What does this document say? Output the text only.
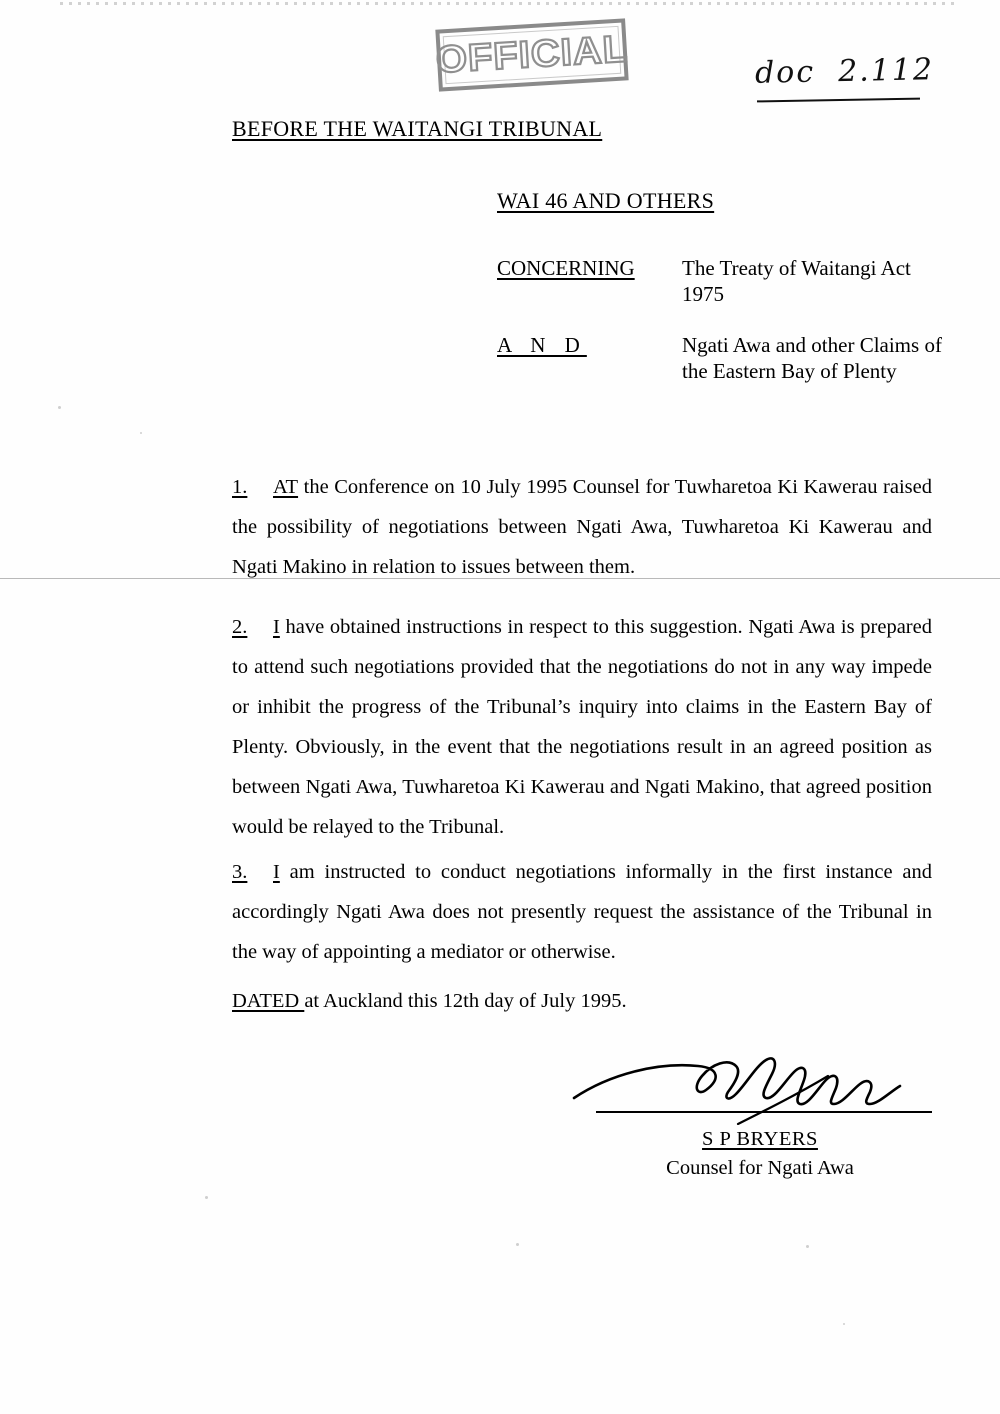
OFFICIAL	doc  2.112
BEFORE THE WAITANGI TRIBUNAL
WAI 46 AND OTHERS
CONCERNING	The Treaty of Waitangi Act 1975
A N D	Ngati Awa and other Claims of the Eastern Bay of Plenty
1.	AT the Conference on 10 July 1995 Counsel for Tuwharetoa Ki Kawerau raised the possibility of negotiations between Ngati Awa, Tuwharetoa Ki Kawerau and Ngati Makino in relation to issues between them.
2.	I have obtained instructions in respect to this suggestion. Ngati Awa is prepared to attend such negotiations provided that the negotiations do not in any way impede or inhibit the progress of the Tribunal’s inquiry into claims in the Eastern Bay of Plenty. Obviously, in the event that the negotiations result in an agreed position as between Ngati Awa, Tuwharetoa Ki Kawerau and Ngati Makino, that agreed position would be relayed to the Tribunal.
3.	I am instructed to conduct negotiations informally in the first instance and accordingly Ngati Awa does not presently request the assistance of the Tribunal in the way of appointing a mediator or otherwise.
DATED at Auckland this 12th day of July 1995.
S P BRYERS
Counsel for Ngati Awa
